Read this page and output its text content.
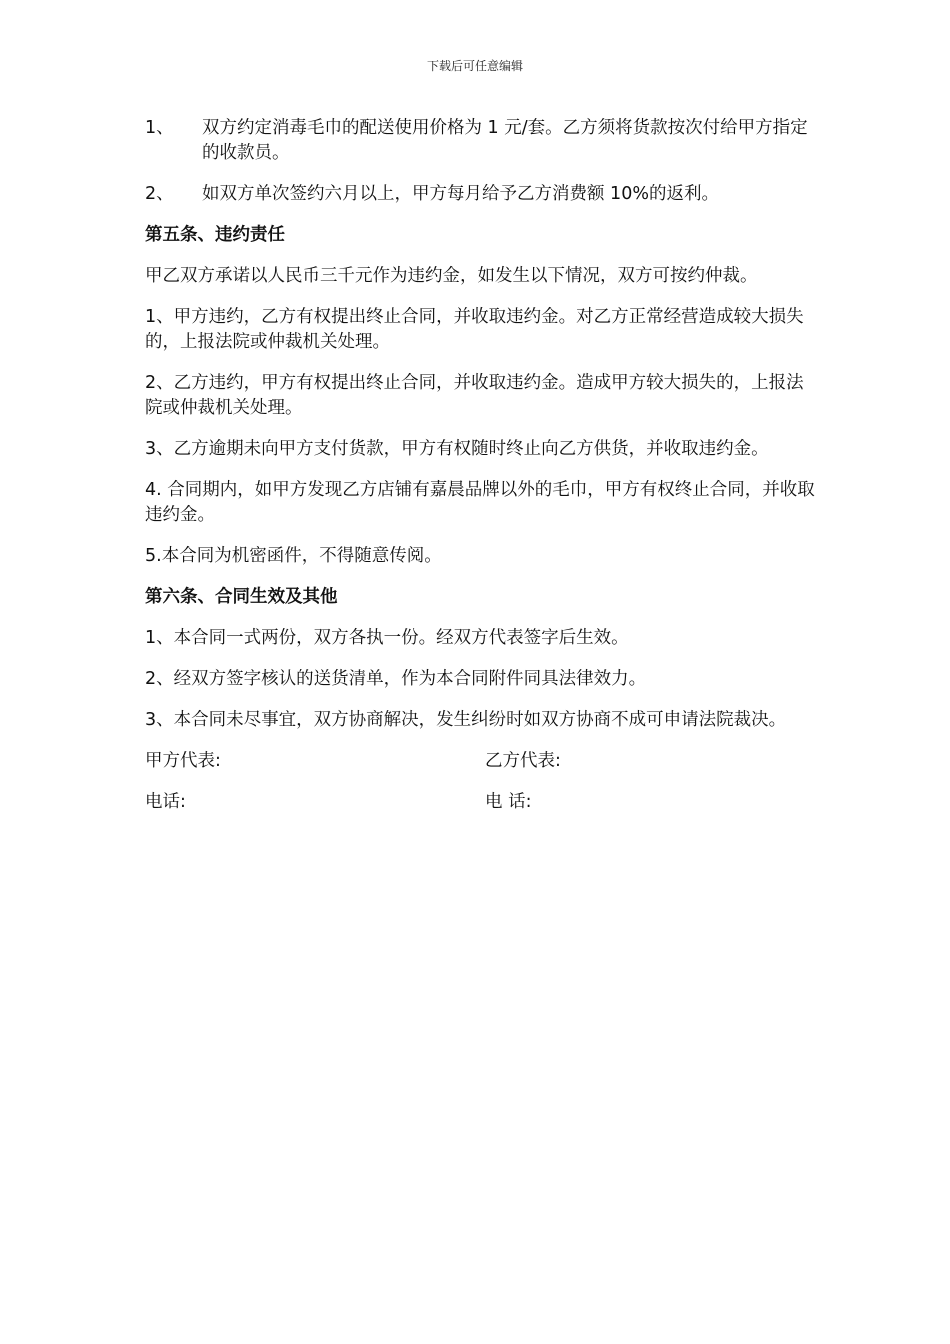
下载后可任意编辑
1、	双方约定消毒毛巾的配送使用价格为 1 元/套。乙方须将货款按次付给甲方指定的收款员。
2、	如双方单次签约六月以上，甲方每月给予乙方消费额 10%的返利。
第五条、违约责任
甲乙双方承诺以人民币三千元作为违约金，如发生以下情况，双方可按约仲裁。
1、甲方违约，乙方有权提出终止合同，并收取违约金。对乙方正常经营造成较大损失的，上报法院或仲裁机关处理。
2、乙方违约，甲方有权提出终止合同，并收取违约金。造成甲方较大损失的，上报法院或仲裁机关处理。
3、乙方逾期未向甲方支付货款，甲方有权随时终止向乙方供货，并收取违约金。
4. 合同期内，如甲方发现乙方店铺有嘉晨品牌以外的毛巾，甲方有权终止合同，并收取违约金。
5.本合同为机密函件，不得随意传阅。
第六条、合同生效及其他
1、本合同一式两份，双方各执一份。经双方代表签字后生效。
2、经双方签字核认的送货清单，作为本合同附件同具法律效力。
3、本合同未尽事宜，双方协商解决，发生纠纷时如双方协商不成可申请法院裁决。
甲方代表:	乙方代表:
电话:	电 话:
